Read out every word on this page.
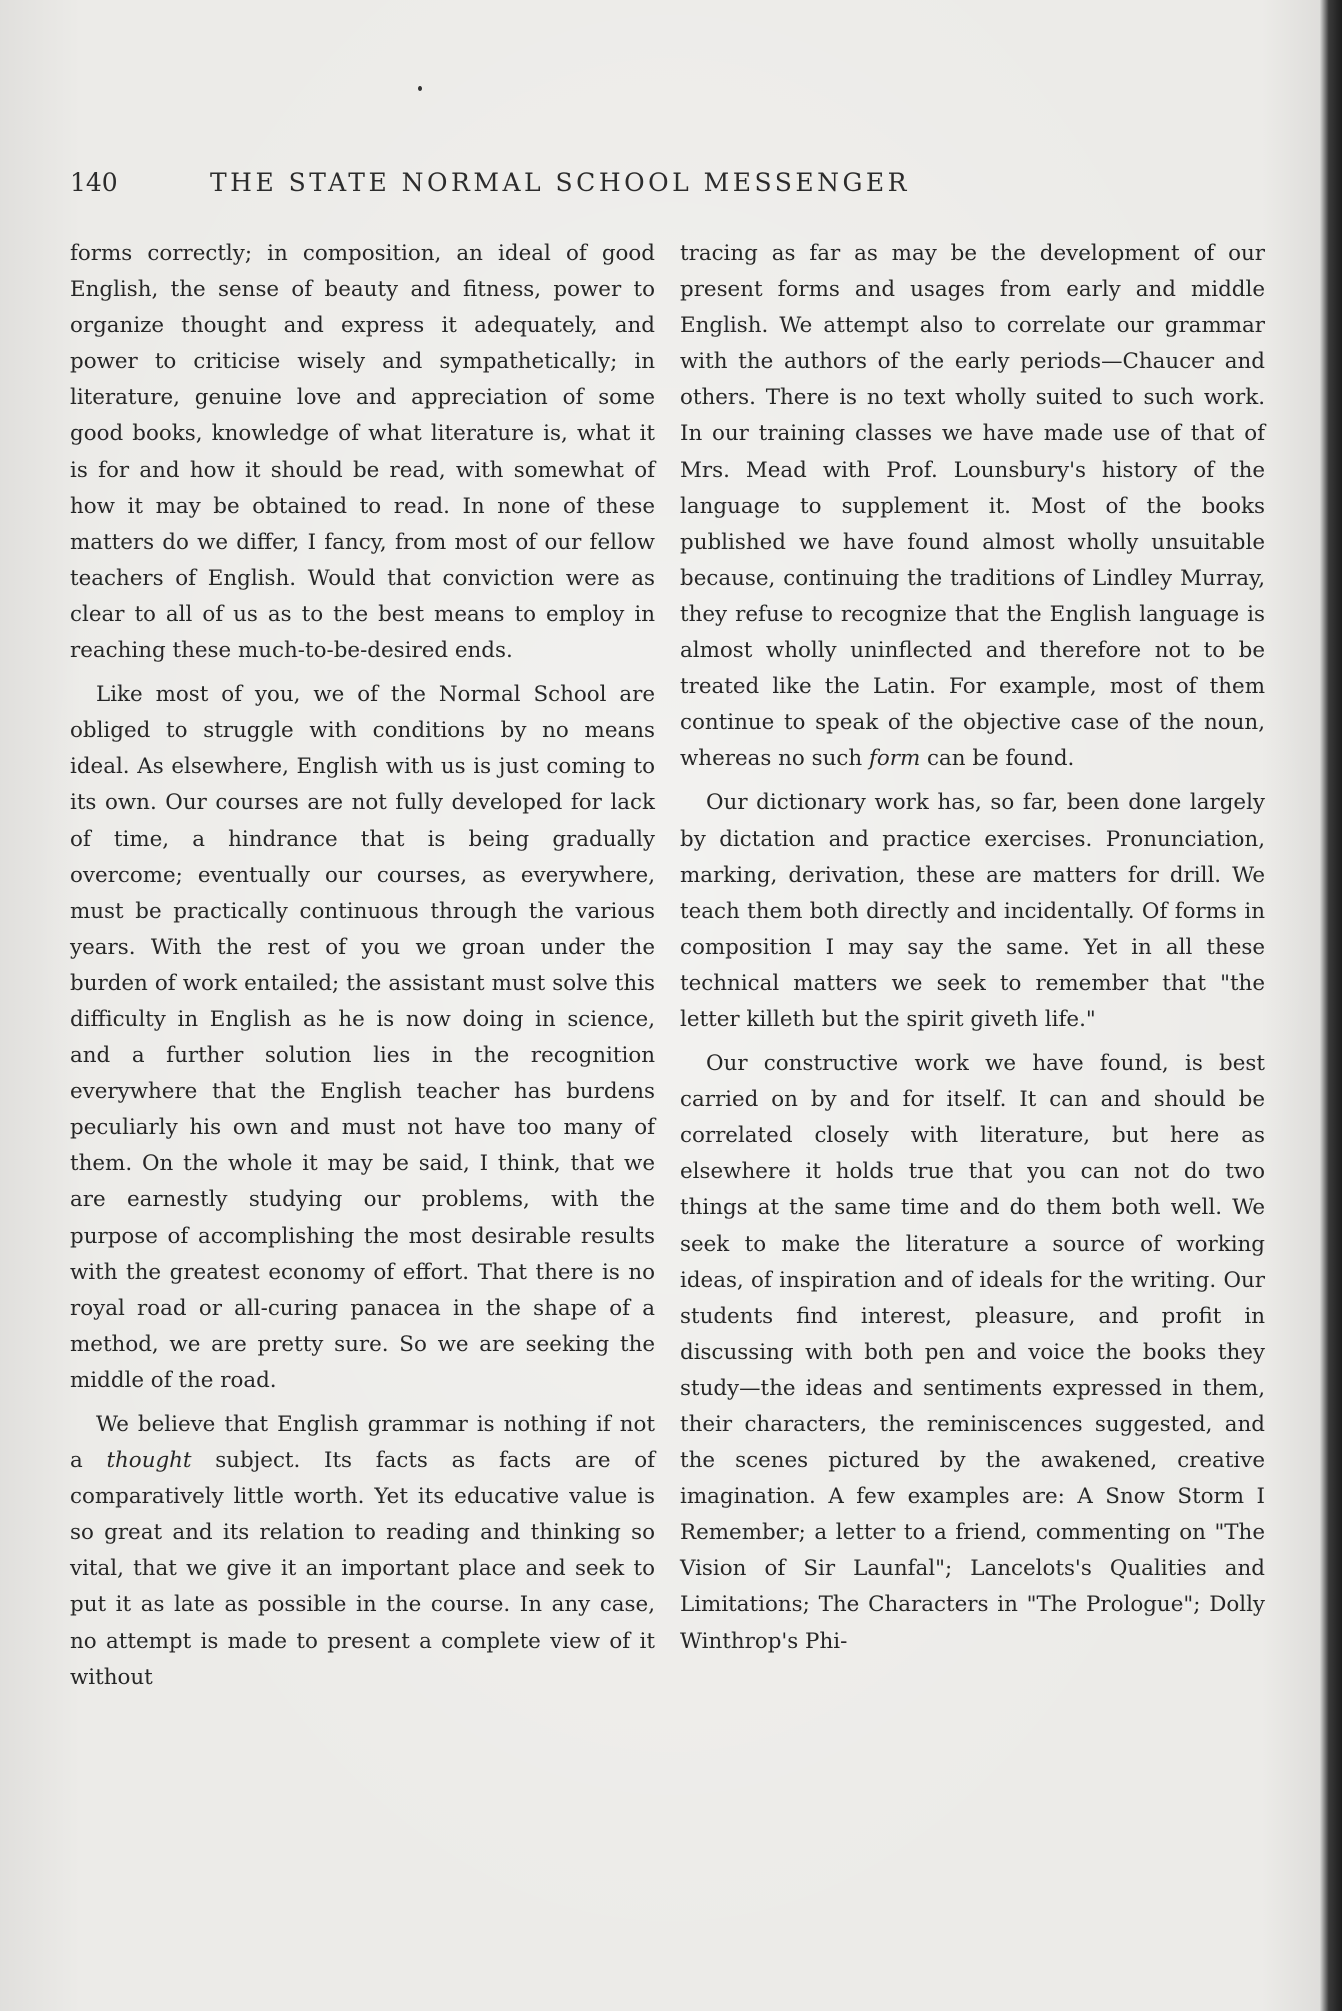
140	THE STATE NORMAL SCHOOL MESSENGER

forms correctly; in composition, an ideal of good English, the sense of beauty and fitness, power to organize thought and express it adequately, and power to criticise wisely and sympathetically; in literature, genuine love and appreciation of some good books, knowledge of what literature is, what it is for and how it should be read, with somewhat of how it may be obtained to read. In none of these matters do we differ, I fancy, from most of our fellow teachers of English. Would that conviction were as clear to all of us as to the best means to employ in reaching these much-to-be-desired ends.

Like most of you, we of the Normal School are obliged to struggle with conditions by no means ideal. As elsewhere, English with us is just coming to its own. Our courses are not fully developed for lack of time, a hindrance that is being gradually overcome; eventually our courses, as everywhere, must be practically continuous through the various years. With the rest of you we groan under the burden of work entailed; the assistant must solve this difficulty in English as he is now doing in science, and a further solution lies in the recognition everywhere that the English teacher has burdens peculiarly his own and must not have too many of them. On the whole it may be said, I think, that we are earnestly studying our problems, with the purpose of accomplishing the most desirable results with the greatest economy of effort. That there is no royal road or all-curing panacea in the shape of a method, we are pretty sure. So we are seeking the middle of the road.

We believe that English grammar is nothing if not a thought subject. Its facts as facts are of comparatively little worth. Yet its educative value is so great and its relation to reading and thinking so vital, that we give it an important place and seek to put it as late as possible in the course. In any case, no attempt is made to present a complete view of it without

tracing as far as may be the development of our present forms and usages from early and middle English. We attempt also to correlate our grammar with the authors of the early periods—Chaucer and others. There is no text wholly suited to such work. In our training classes we have made use of that of Mrs. Mead with Prof. Lounsbury's history of the language to supplement it. Most of the books published we have found almost wholly unsuitable because, continuing the traditions of Lindley Murray, they refuse to recognize that the English language is almost wholly uninflected and therefore not to be treated like the Latin. For example, most of them continue to speak of the objective case of the noun, whereas no such form can be found.

Our dictionary work has, so far, been done largely by dictation and practice exercises. Pronunciation, marking, derivation, these are matters for drill. We teach them both directly and incidentally. Of forms in composition I may say the same. Yet in all these technical matters we seek to remember that "the letter killeth but the spirit giveth life."

Our constructive work we have found, is best carried on by and for itself. It can and should be correlated closely with literature, but here as elsewhere it holds true that you can not do two things at the same time and do them both well. We seek to make the literature a source of working ideas, of inspiration and of ideals for the writing. Our students find interest, pleasure, and profit in discussing with both pen and voice the books they study—the ideas and sentiments expressed in them, their characters, the reminiscences suggested, and the scenes pictured by the awakened, creative imagination. A few examples are: A Snow Storm I Remember; a letter to a friend, commenting on "The Vision of Sir Launfal"; Lancelots's Qualities and Limitations; The Characters in "The Prologue"; Dolly Winthrop's Phi-
